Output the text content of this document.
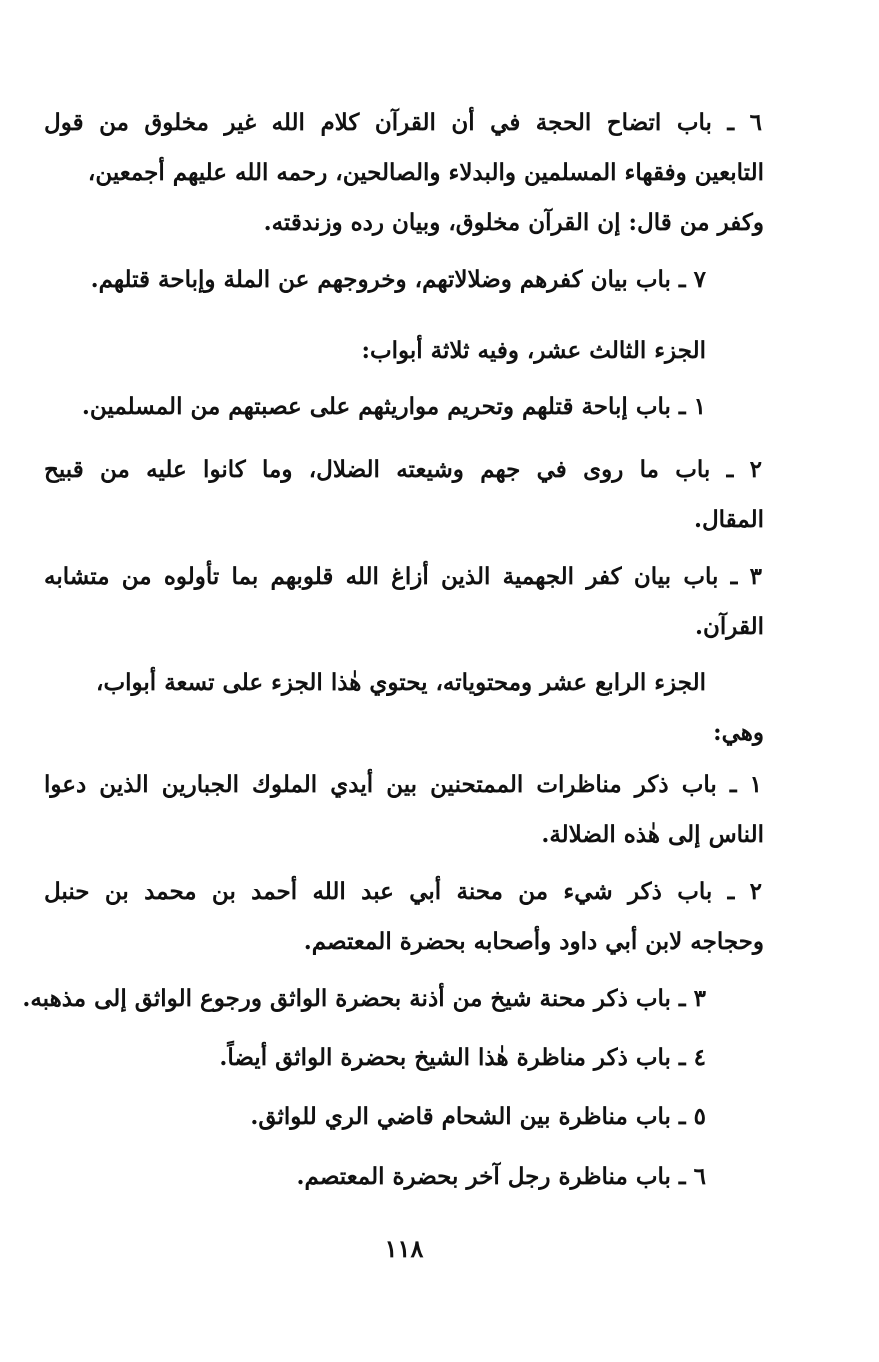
٦ ـ باب اتضاح الحجة في أن القرآن كلام الله غير مخلوق من قول
التابعين وفقهاء المسلمين والبدلاء والصالحين، رحمه الله عليهم أجمعين،
وكفر من قال: إن القرآن مخلوق، وبيان رده وزندقته.
٧ ـ باب بيان كفرهم وضلالاتهم، وخروجهم عن الملة وإباحة قتلهم.
الجزء الثالث عشر، وفيه ثلاثة أبواب:
١ ـ باب إباحة قتلهم وتحريم مواريثهم على عصبتهم من المسلمين.
٢ ـ باب ما روى في جهم وشيعته الضلال، وما كانوا عليه من قبيح
المقال.
٣ ـ باب بيان كفر الجهمية الذين أزاغ الله قلوبهم بما تأولوه من متشابه
القرآن.
الجزء الرابع عشر ومحتوياته، يحتوي هٰذا الجزء على تسعة أبواب،
وهي:
١ ـ باب ذكر مناظرات الممتحنين بين أيدي الملوك الجبارين الذين دعوا
الناس إلى هٰذه الضلالة.
٢ ـ باب ذكر شيء من محنة أبي عبد الله أحمد بن محمد بن حنبل
وحجاجه لابن أبي داود وأصحابه بحضرة المعتصم.
٣ ـ باب ذكر محنة شيخ من أذنة بحضرة الواثق ورجوع الواثق إلى مذهبه.
٤ ـ باب ذكر مناظرة هٰذا الشيخ بحضرة الواثق أيضاً.
٥ ـ باب مناظرة بين الشحام قاضي الري للواثق.
٦ ـ باب مناظرة رجل آخر بحضرة المعتصم.
١١٨
